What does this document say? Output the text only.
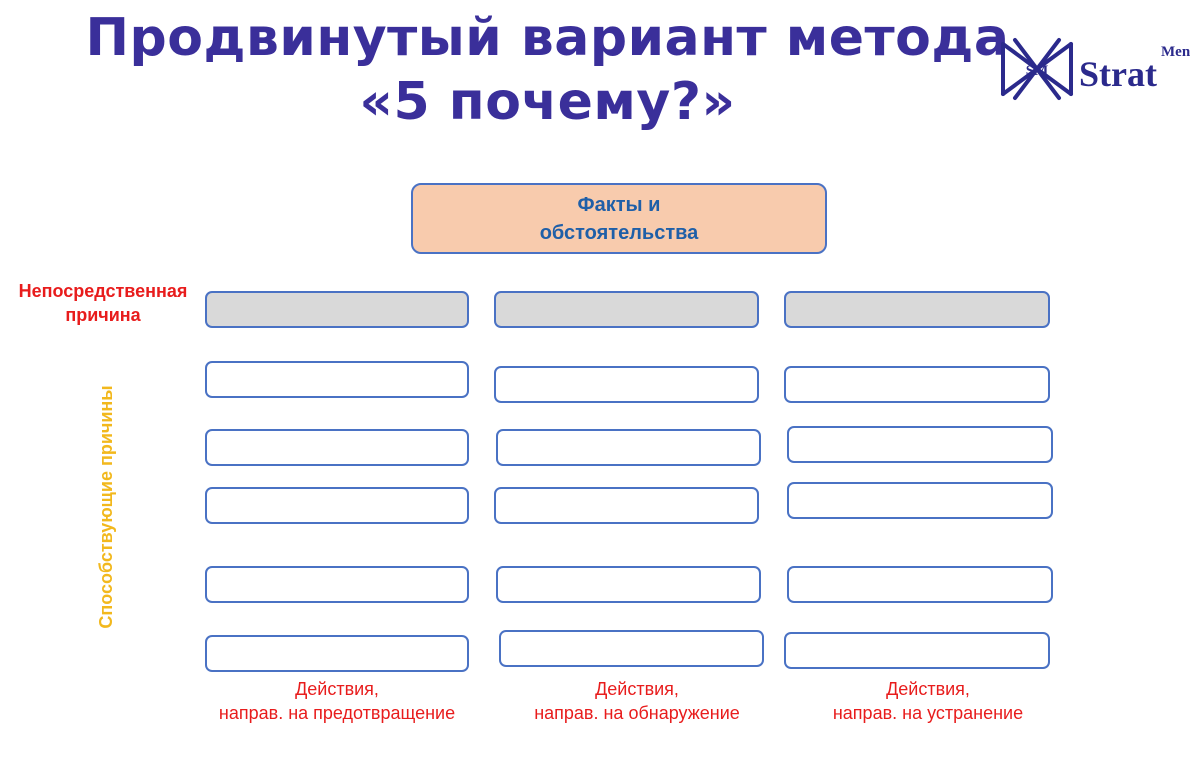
Продвинутый вариант метода
«5 почему?»
SM Strat
Men
Факты и
обстоятельства
Непосредственная
причина
Способствующие причины
Действия,
направ. на предотвращение
Действия,
направ. на обнаружение
Действия,
направ. на устранение
